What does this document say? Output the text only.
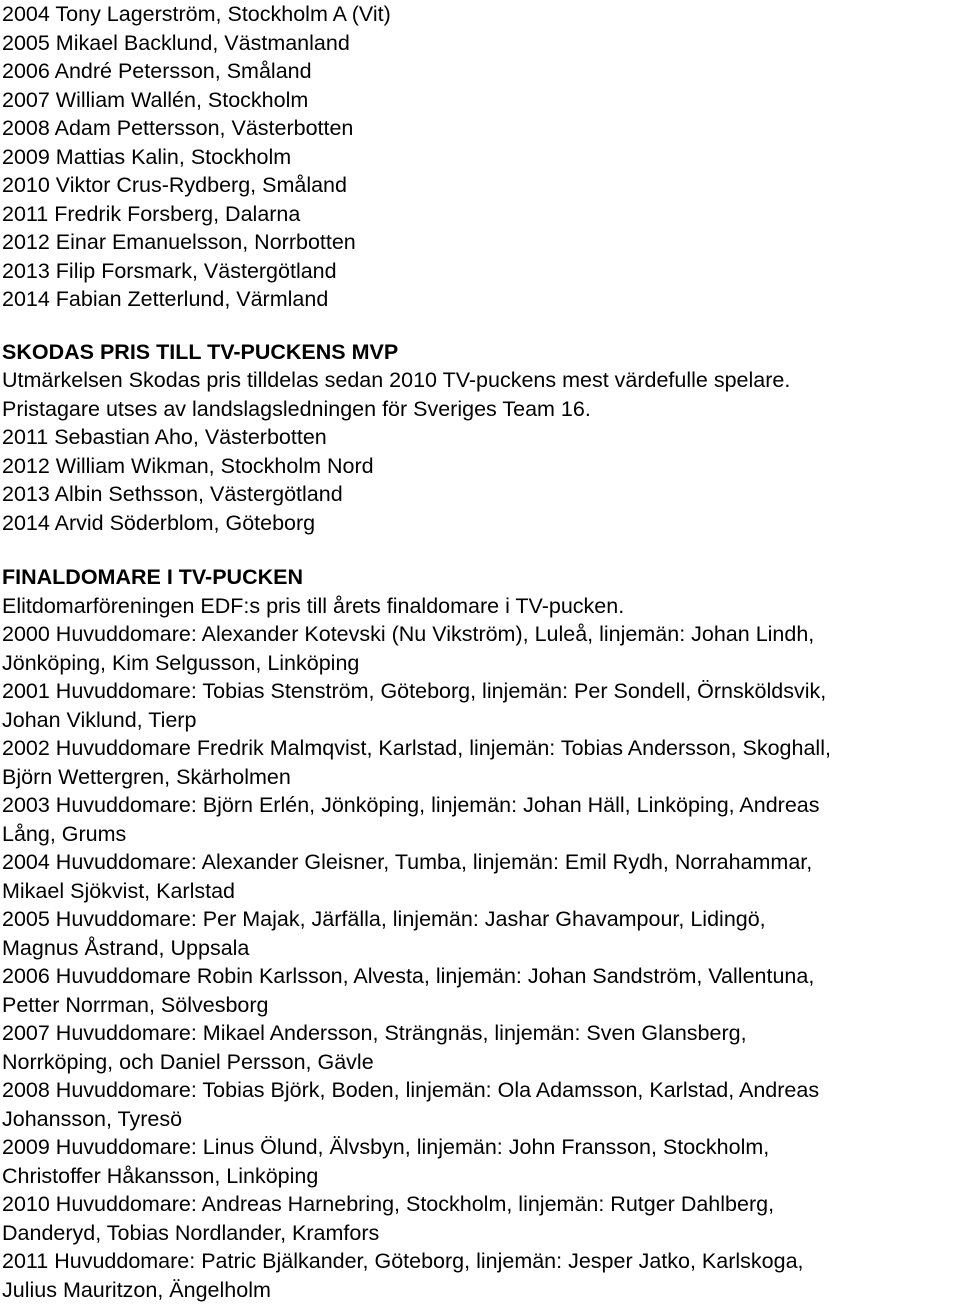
2004 Tony Lagerström, Stockholm A (Vit)
2005 Mikael Backlund, Västmanland
2006 André Petersson, Småland
2007 William Wallén, Stockholm
2008 Adam Pettersson, Västerbotten
2009 Mattias Kalin, Stockholm
2010 Viktor Crus-Rydberg, Småland
2011 Fredrik Forsberg, Dalarna
2012 Einar Emanuelsson, Norrbotten
2013 Filip Forsmark, Västergötland
2014 Fabian Zetterlund, Värmland
SKODAS PRIS TILL TV-PUCKENS MVP
Utmärkelsen Skodas pris tilldelas sedan 2010 TV-puckens mest värdefulle spelare.
Pristagare utses av landslagsledningen för Sveriges Team 16.
2011 Sebastian Aho, Västerbotten
2012 William Wikman, Stockholm Nord
2013 Albin Sethsson, Västergötland
2014 Arvid Söderblom, Göteborg
FINALDOMARE I TV-PUCKEN
Elitdomarföreningen EDF:s pris till årets finaldomare i TV-pucken.
2000 Huvuddomare: Alexander Kotevski (Nu Vikström), Luleå, linjemän: Johan Lindh,
Jönköping, Kim Selgusson, Linköping
2001 Huvuddomare: Tobias Stenström, Göteborg, linjemän: Per Sondell, Örnsköldsvik,
Johan Viklund, Tierp
2002 Huvuddomare Fredrik Malmqvist, Karlstad, linjemän: Tobias Andersson, Skoghall,
Björn Wettergren, Skärholmen
2003 Huvuddomare: Björn Erlén, Jönköping, linjemän: Johan Häll, Linköping, Andreas
Lång, Grums
2004 Huvuddomare: Alexander Gleisner, Tumba, linjemän: Emil Rydh, Norrahammar,
Mikael Sjökvist, Karlstad
2005 Huvuddomare: Per Majak, Järfälla, linjemän: Jashar Ghavampour, Lidingö,
Magnus Åstrand, Uppsala
2006 Huvuddomare Robin Karlsson, Alvesta, linjemän: Johan Sandström, Vallentuna,
Petter Norrman, Sölvesborg
2007 Huvuddomare: Mikael Andersson, Strängnäs, linjemän: Sven Glansberg,
Norrköping, och Daniel Persson, Gävle
2008 Huvuddomare: Tobias Björk, Boden, linjemän: Ola Adamsson, Karlstad, Andreas
Johansson, Tyresö
2009 Huvuddomare: Linus Ölund, Älvsbyn, linjemän: John Fransson, Stockholm,
Christoffer Håkansson, Linköping
2010 Huvuddomare: Andreas Harnebring, Stockholm, linjemän: Rutger Dahlberg,
Danderyd, Tobias Nordlander, Kramfors
2011 Huvuddomare: Patric Bjälkander, Göteborg, linjemän: Jesper Jatko, Karlskoga,
Julius Mauritzon, Ängelholm
